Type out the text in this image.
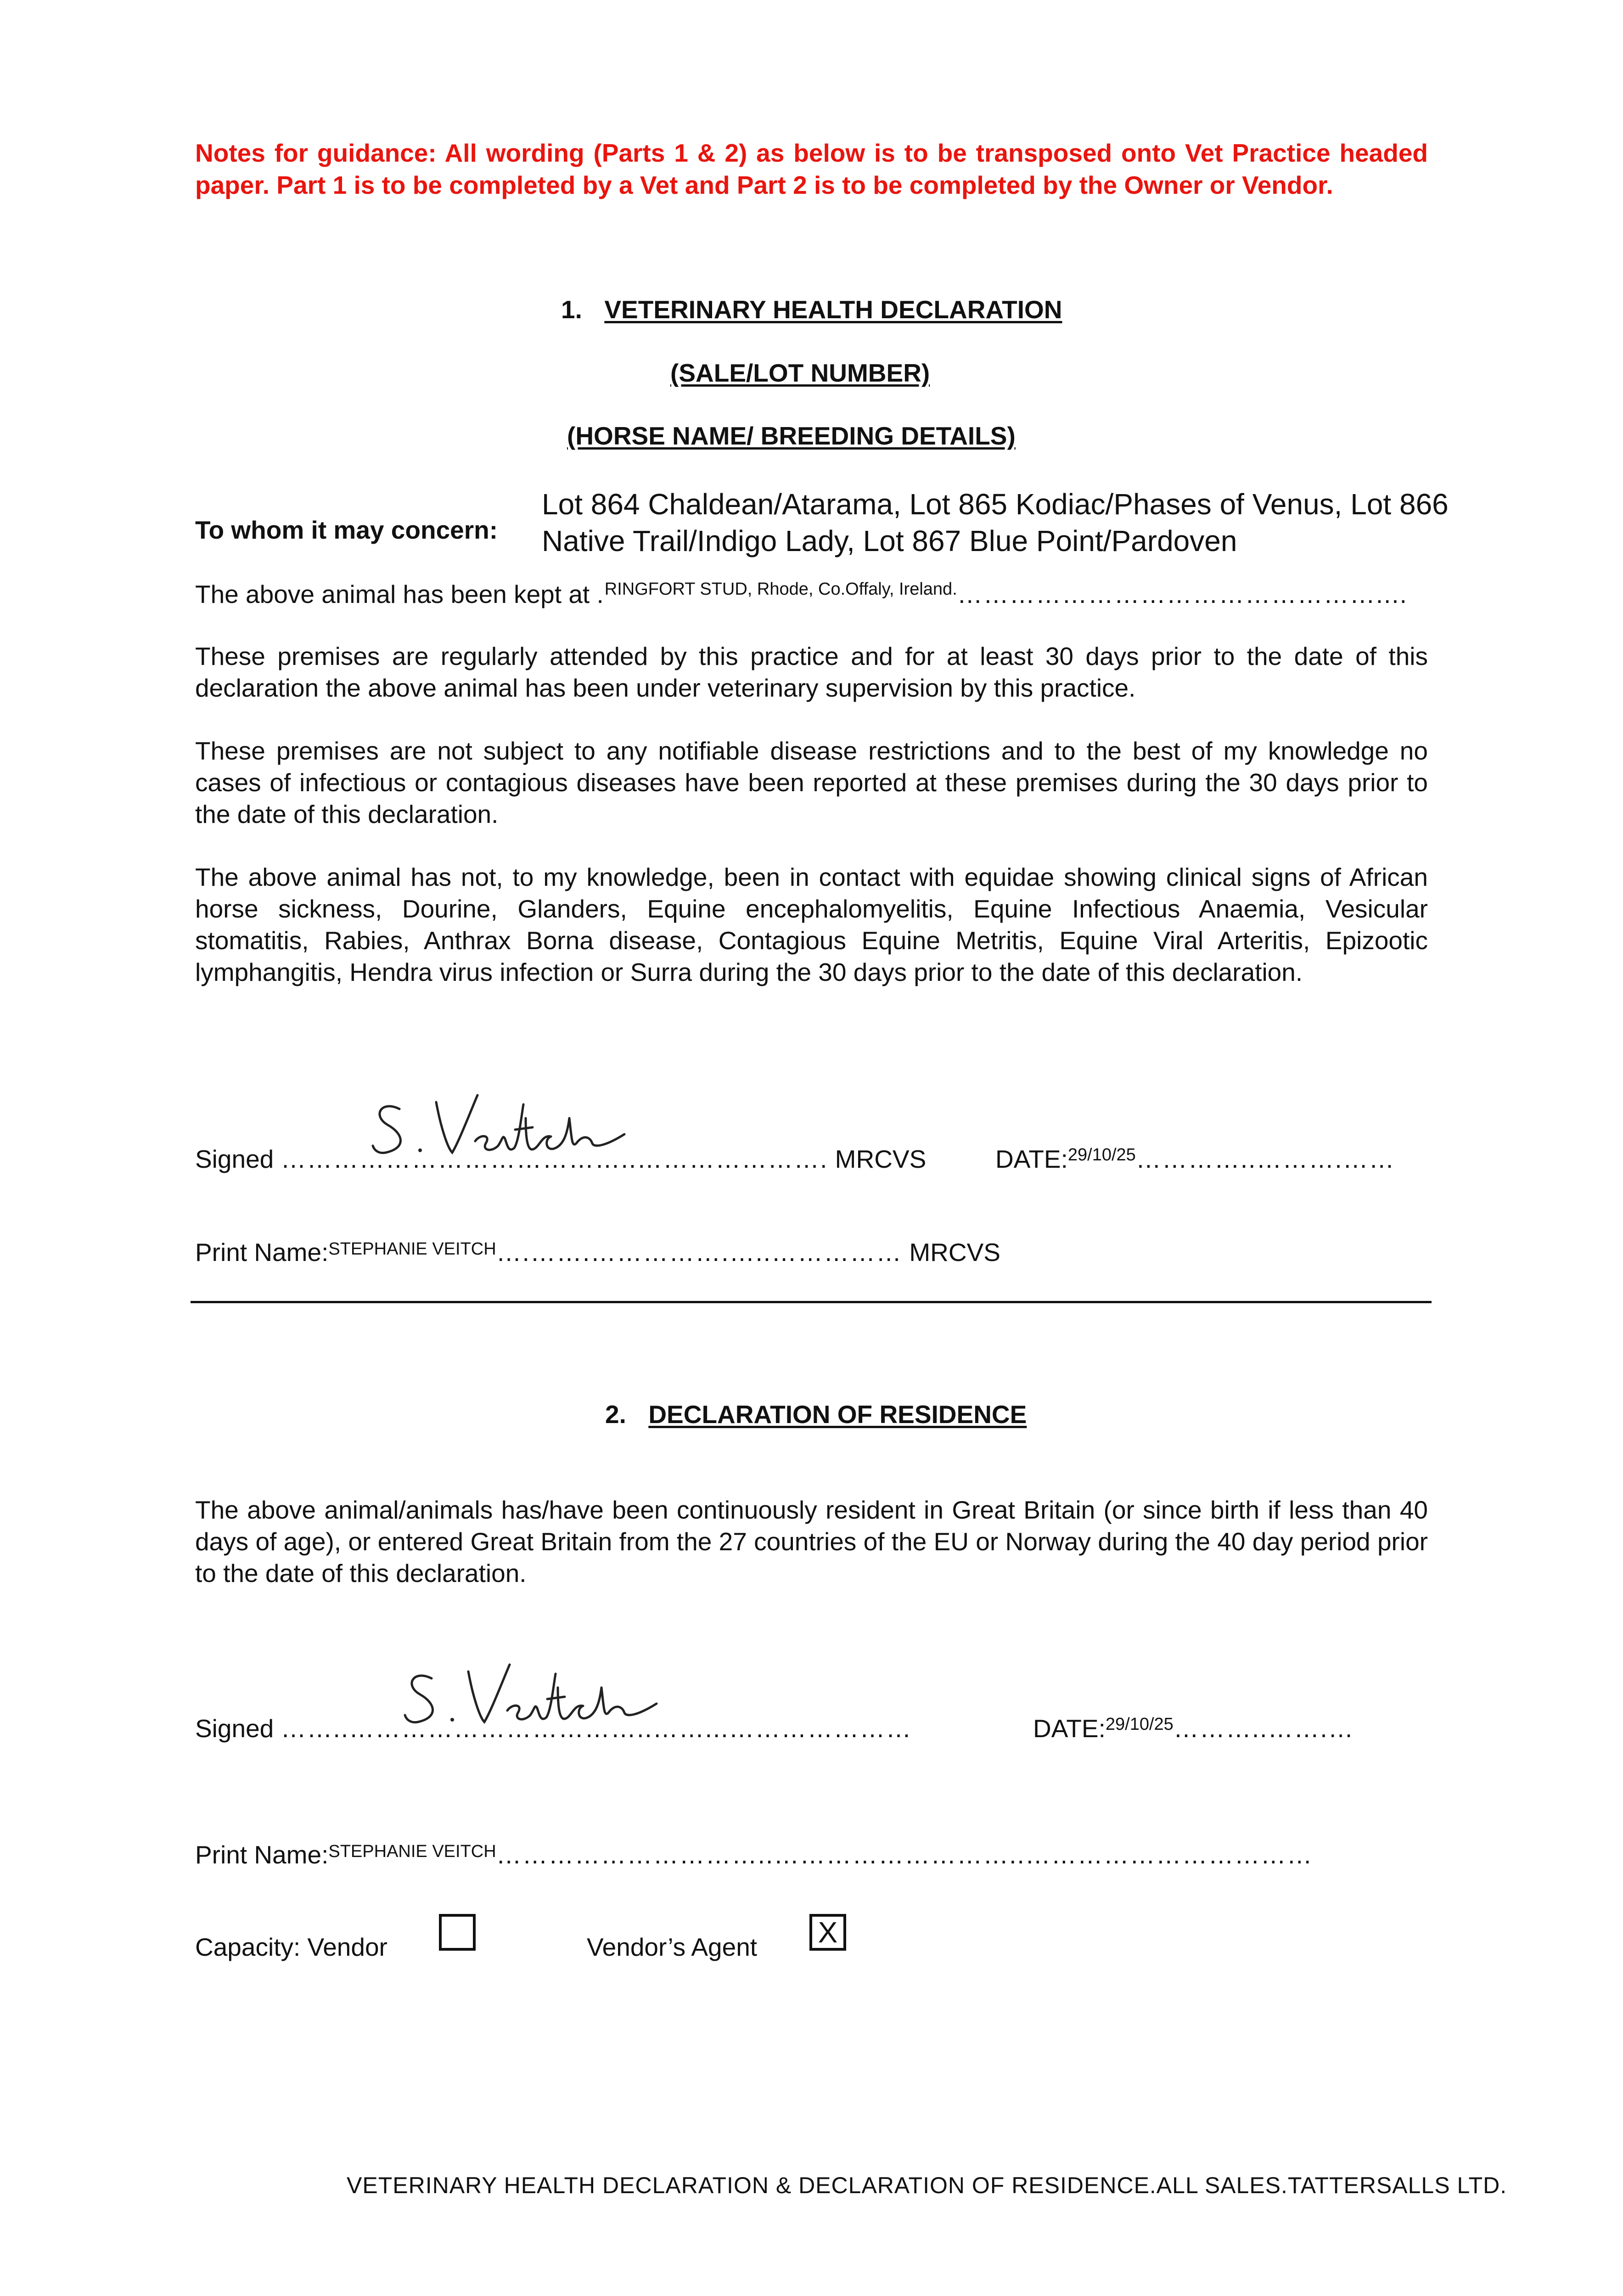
Notes for guidance: All wording (Parts 1 & 2) as below is to be transposed onto Vet Practice headed paper. Part 1 is to be completed by a Vet and Part 2 is to be completed by the Owner or Vendor.
1. VETERINARY HEALTH DECLARATION
(SALE/LOT NUMBER)
(HORSE NAME/ BREEDING DETAILS)
To whom it may concern:
Lot 864 Chaldean/Atarama, Lot 865 Kodiac/Phases of Venus, Lot 866
Native Trail/Indigo Lady, Lot 867 Blue Point/Pardoven
The above animal has been kept at .$^{RINGFORT STUD, Rhode, Co.Offaly, Ireland.}$…………………………………………....
These premises are regularly attended by this practice and for at least 30 days prior to the date of this declaration the above animal has been under veterinary supervision by this practice.
These premises are not subject to any notifiable disease restrictions and to the best of my knowledge no cases of infectious or contagious diseases have been reported at these premises during the 30 days prior to the date of this declaration.
The above animal has not, to my knowledge, been in contact with equidae showing clinical signs of African horse sickness, Dourine, Glanders, Equine encephalomyelitis, Equine Infectious Anaemia, Vesicular stomatitis, Rabies, Anthrax Borna disease, Contagious Equine Metritis, Equine Viral Arteritis, Epizootic lymphangitis, Hendra virus infection or Surra during the 30 days prior to the date of this declaration.
Signed …………………………………..…………………. MRCVS	DATE:$^{29/10/25}$…………..……….……
Print Name:$^{STEPHANIE VEITCH}$….…….…………….…..…………… MRCVS
2. DECLARATION OF RESIDENCE
The above animal/animals has/have been continuously resident in Great Britain (or since birth if less than 40 days of age), or entered Great Britain from the 27 countries of the EU or Norway during the 40 day period prior to the date of this declaration.
Signed ……..……………………………..……...…………………	DATE:$^{29/10/25}$………..…….…
Print Name:$^{STEPHANIE VEITCH}$…………………………..………………………..……………………………
Capacity: Vendor	Vendor’s Agent X
VETERINARY HEALTH DECLARATION & DECLARATION OF RESIDENCE.ALL SALES.TATTERSALLS LTD.
